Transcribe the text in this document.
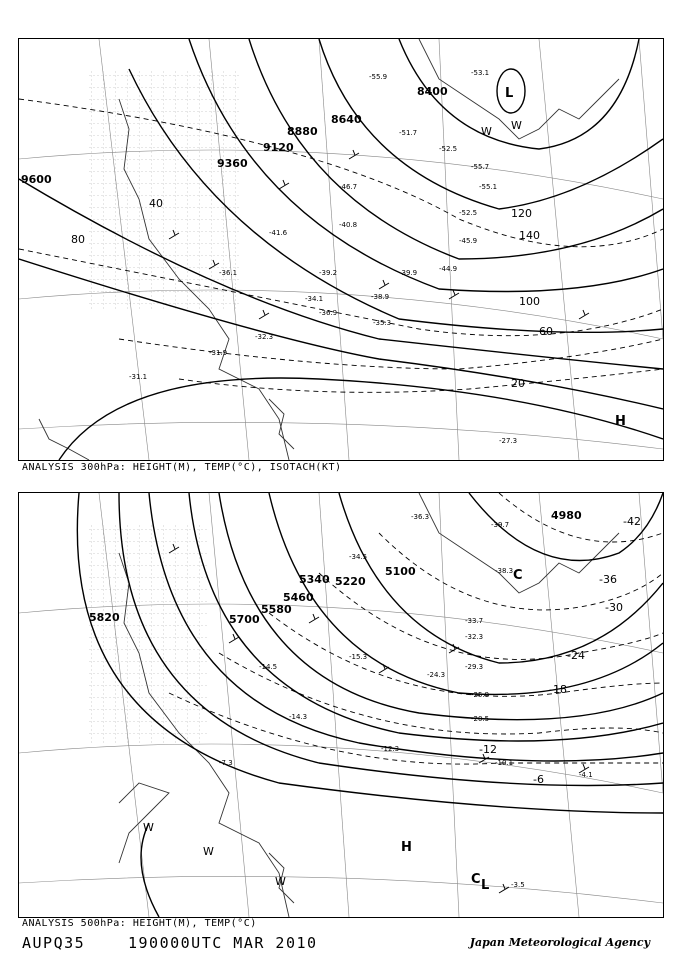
8400
8640
8880
9120
9360
9600
20
40
60
80
100
120
140
L
H
W W
-55.9	-53.1
-51.7
-52.5
-55.7
-55.1
-52.5
-46.7
-45.9
-44.9
-41.6
-40.8
-39.2	-39.9
-38.9
-36.1
-36.9
-35.3
-34.1
-32.3
-31.9
-31.1
-27.3
ANALYSIS 300hPa: HEIGHT(M), TEMP(°C), ISOTACH(KT)
4980
5100
5220
5340
5460
5580
5700
5820
-42
-36
-30
-24
-18
-12
-6
C
H
C L
W
W
W
-38.3
-39.7
-36.3
-34.5
-33.7
-32.3
-29.3
-24.3
-25.9
-20.5
-15.3
-14.5
-14.3
-12.3
-10.1
-7.3
-4.1
-3.5
ANALYSIS 500hPa: HEIGHT(M), TEMP(°C)
AUPQ35	190000UTC MAR 2010	Japan Meteorological Agency
